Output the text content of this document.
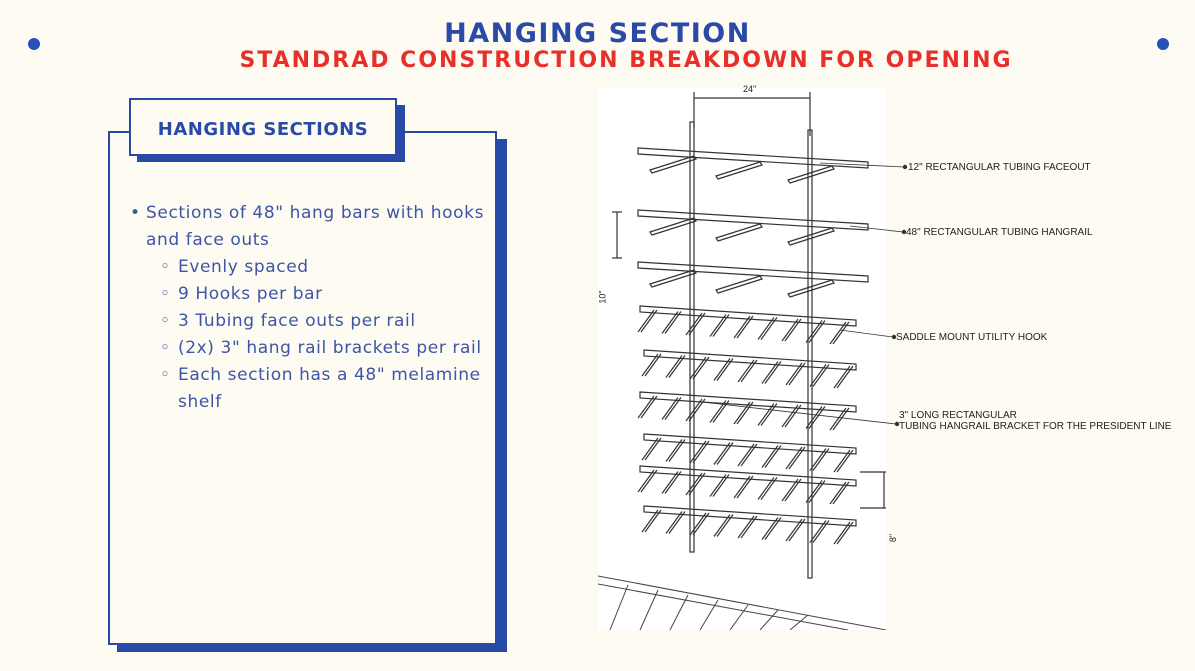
HANGING SECTION
STANDRAD CONSTRUCTION BREAKDOWN FOR OPENING
HANGING SECTIONS
• Sections of 48" hang bars with hooks and face outs
◦ Evenly spaced
◦ 9 Hooks per bar
◦ 3 Tubing face outs per rail
◦ (2x) 3" hang rail brackets per rail
◦ Each section has a 48" melamine shelf
24"
10"
8"
12" RECTANGULAR TUBING FACEOUT
48" RECTANGULAR TUBING HANGRAIL
SADDLE MOUNT UTILITY HOOK
3" LONG RECTANGULAR
TUBING HANGRAIL BRACKET FOR THE PRESIDENT LINE
